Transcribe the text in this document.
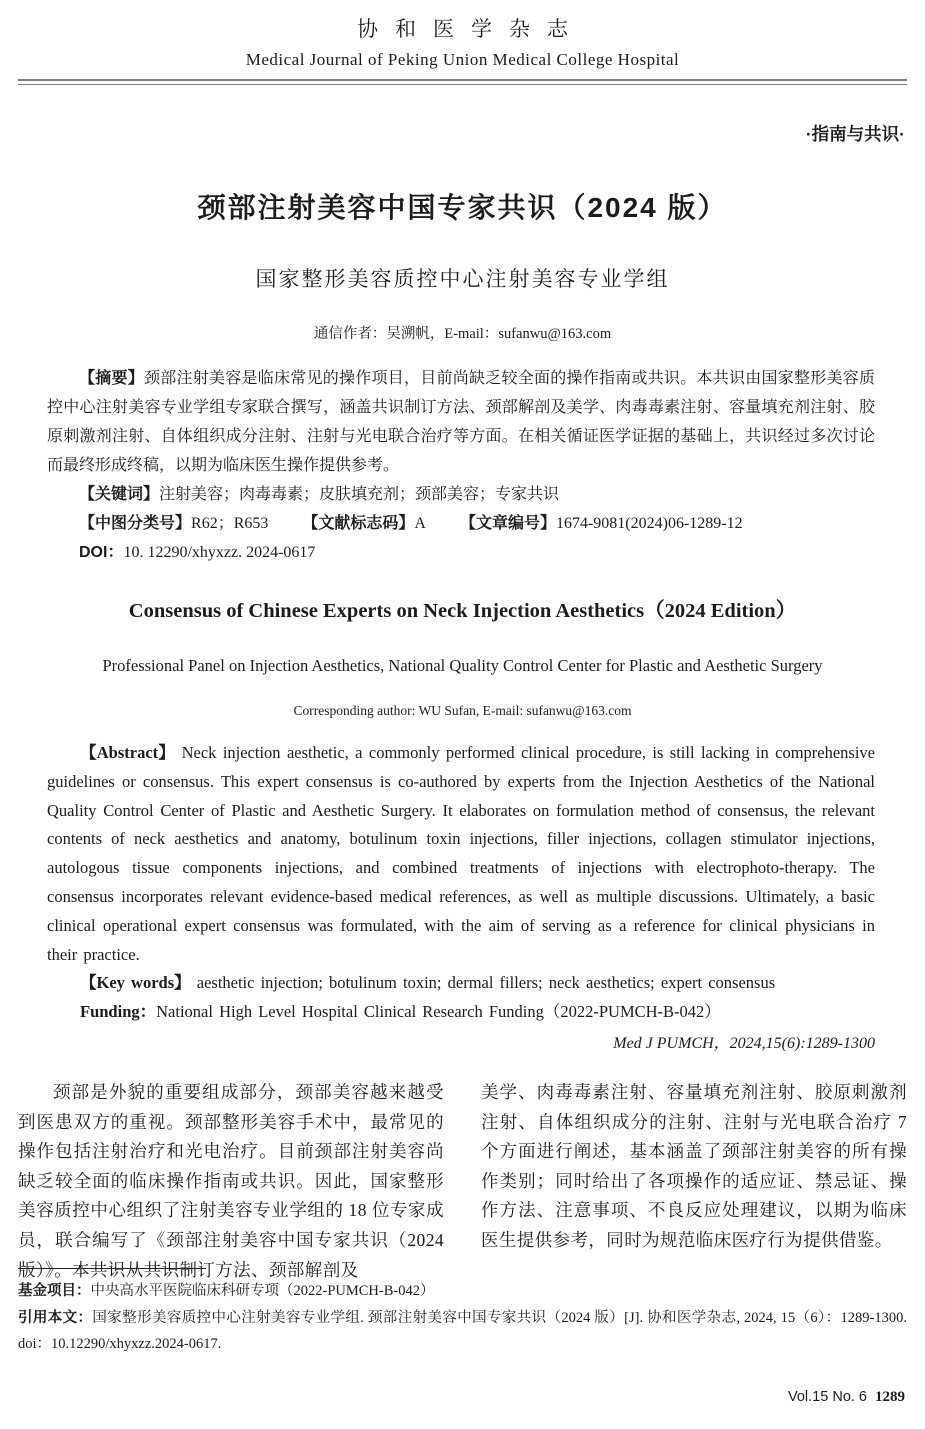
协和医学杂志
Medical Journal of Peking Union Medical College Hospital
·指南与共识·
颈部注射美容中国专家共识（2024 版）
国家整形美容质控中心注射美容专业学组
通信作者：吴溯帆，E-mail：sufanwu@163.com

【摘要】颈部注射美容是临床常见的操作项目，目前尚缺乏较全面的操作指南或共识。本共识由国家整形美容质控中心注射美容专业学组专家联合撰写，涵盖共识制订方法、颈部解剖及美学、肉毒毒素注射、容量填充剂注射、胶原刺激剂注射、自体组织成分注射、注射与光电联合治疗等方面。在相关循证医学证据的基础上，共识经过多次讨论而最终形成终稿，以期为临床医生操作提供参考。

【关键词】注射美容；肉毒毒素；皮肤填充剂；颈部美容；专家共识

【中图分类号】R62；R653 【文献标志码】A 【文章编号】1674-9081(2024)06-1289-12

DOI：10. 12290/xhyxzz. 2024-0617

Consensus of Chinese Experts on Neck Injection Aesthetics（2024 Edition）
Professional Panel on Injection Aesthetics, National Quality Control Center for Plastic and Aesthetic Surgery
Corresponding author: WU Sufan, E-mail: sufanwu@163.com

【Abstract】 Neck injection aesthetic, a commonly performed clinical procedure, is still lacking in comprehensive guidelines or consensus. This expert consensus is co-authored by experts from the Injection Aesthetics of the National Quality Control Center of Plastic and Aesthetic Surgery. It elaborates on formulation method of consensus, the relevant contents of neck aesthetics and anatomy, botulinum toxin injections, filler injections, collagen stimulator injections, autologous tissue components injections, and combined treatments of injections with electrophoto-therapy. The consensus incorporates relevant evidence-based medical references, as well as multiple discussions. Ultimately, a basic clinical operational expert consensus was formulated, with the aim of serving as a reference for clinical physicians in their practice.

【Key words】 aesthetic injection; botulinum toxin; dermal fillers; neck aesthetics; expert consensus

Funding：National High Level Hospital Clinical Research Funding（2022-PUMCH-B-042）

Med J PUMCH，2024,15(6):1289-1300

颈部是外貌的重要组成部分，颈部美容越来越受到医患双方的重视。颈部整形美容手术中，最常见的操作包括注射治疗和光电治疗。目前颈部注射美容尚缺乏较全面的临床操作指南或共识。因此，国家整形美容质控中心组织了注射美容专业学组的 18 位专家成员，联合编写了《颈部注射美容中国专家共识（2024 版）》。本共识从共识制订方法、颈部解剖及

美学、肉毒毒素注射、容量填充剂注射、胶原刺激剂注射、自体组织成分的注射、注射与光电联合治疗 7 个方面进行阐述，基本涵盖了颈部注射美容的所有操作类别；同时给出了各项操作的适应证、禁忌证、操作方法、注意事项、不良反应处理建议，以期为临床医生提供参考，同时为规范临床医疗行为提供借鉴。

基金项目：中央高水平医院临床科研专项（2022-PUMCH-B-042）

引用本文：国家整形美容质控中心注射美容专业学组. 颈部注射美容中国专家共识（2024 版）[J]. 协和医学杂志, 2024, 15（6）：1289-1300. doi：10.12290/xhyxzz.2024-0617.

Vol.15 No. 6 1289
